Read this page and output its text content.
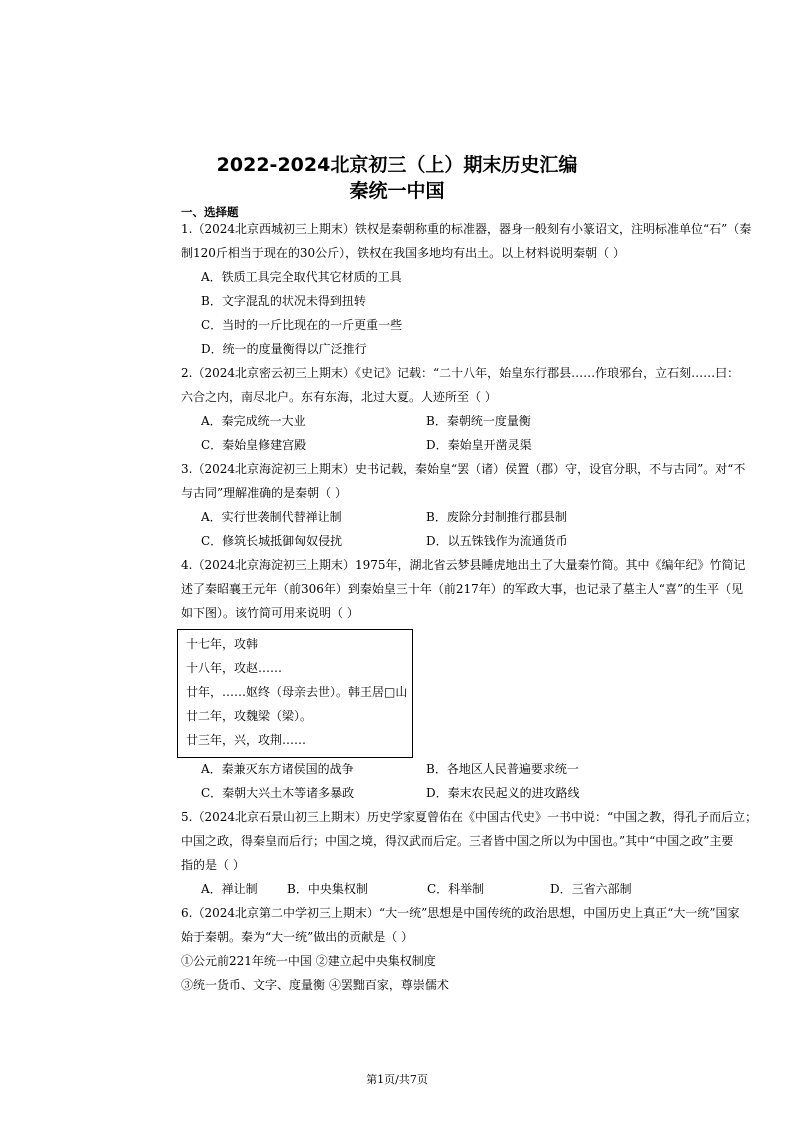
2022-2024北京初三（上）期末历史汇编
秦统一中国
一、选择题
1.（2024北京西城初三上期末）铁权是秦朝称重的标准器，器身一般刻有小篆诏文，注明标准单位“石”（秦
制120斤相当于现在的30公斤），铁权在我国多地均有出土。以上材料说明秦朝（ ）
A．铁质工具完全取代其它材质的工具
B．文字混乱的状况未得到扭转
C．当时的一斤比现在的一斤更重一些
D．统一的度量衡得以广泛推行
2.（2024北京密云初三上期末）《史记》记载：“二十八年，始皇东行郡县……作琅邪台，立石刻……曰：
六合之内，南尽北户。东有东海，北过大夏。人迹所至（ ）
A．秦完成统一大业	B．秦朝统一度量衡
C．秦始皇修建宫殿	D．秦始皇开凿灵渠
3.（2024北京海淀初三上期末）史书记载，秦始皇“罢（诸）侯置（郡）守，设官分职，不与古同”。对“不
与古同”理解准确的是秦朝（ ）
A．实行世袭制代替禅让制	B．废除分封制推行郡县制
C．修筑长城抵御匈奴侵扰	D．以五铢钱作为流通货币
4.（2024北京海淀初三上期末）1975年，湖北省云梦县睡虎地出土了大量秦竹简。其中《编年纪》竹简记
述了秦昭襄王元年（前306年）到秦始皇三十年（前217年）的军政大事，也记录了墓主人“喜”的生平（见
如下图）。该竹简可用来说明（ ）
十七年，攻韩
十八年，攻赵……
廿年，……妪终（母亲去世）。韩王居□山
廿二年，攻魏梁（梁）。
廿三年，兴，攻荆……
A．秦兼灭东方诸侯国的战争	B．各地区人民普遍要求统一
C．秦朝大兴土木等诸多暴政	D．秦末农民起义的进攻路线
5.（2024北京石景山初三上期末）历史学家夏曾佑在《中国古代史》一书中说：“中国之教，得孔子而后立；
中国之政，得秦皇而后行；中国之境，得汉武而后定。三者皆中国之所以为中国也。”其中“中国之政”主要
指的是（ ）
A．禅让制 B．中央集权制	C．科举制	D．三省六部制
6.（2024北京第二中学初三上期末）“大一统”思想是中国传统的政治思想，中国历史上真正“大一统”国家
始于秦朝。秦为“大一统”做出的贡献是（ ）
①公元前221年统一中国 ②建立起中央集权制度
③统一货币、文字、度量衡 ④罢黜百家，尊崇儒术
第1页/共7页
